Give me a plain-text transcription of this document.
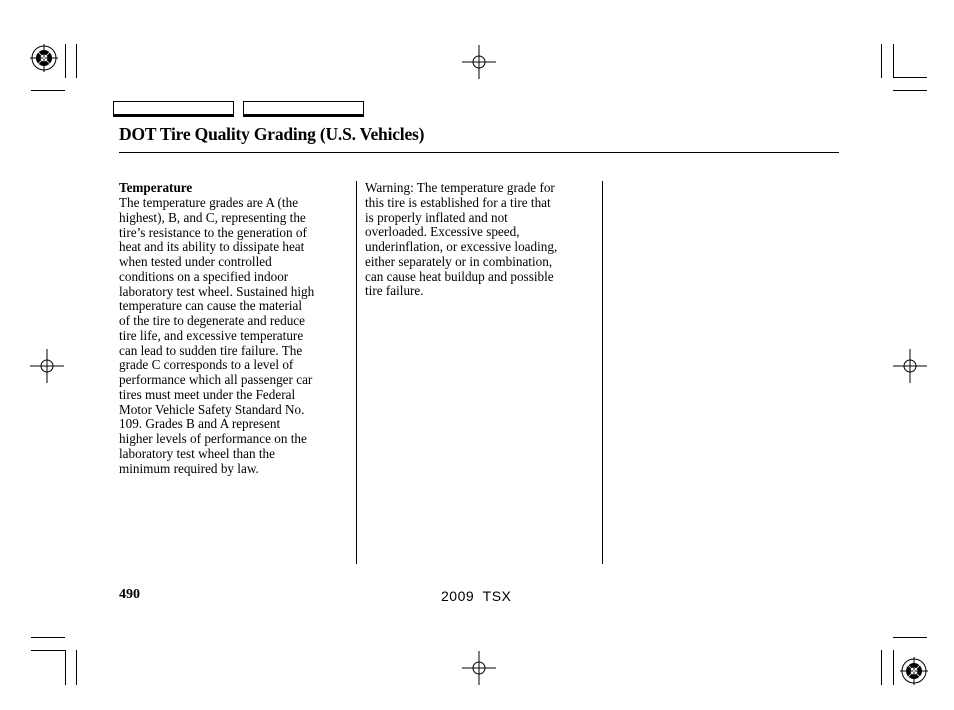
DOT Tire Quality Grading (U.S. Vehicles)
Temperature
The temperature grades are A (the
highest), B, and C, representing the
tire’s resistance to the generation of
heat and its ability to dissipate heat
when tested under controlled
conditions on a specified indoor
laboratory test wheel. Sustained high
temperature can cause the material
of the tire to degenerate and reduce
tire life, and excessive temperature
can lead to sudden tire failure. The
grade C corresponds to a level of
performance which all passenger car
tires must meet under the Federal
Motor Vehicle Safety Standard No.
109. Grades B and A represent
higher levels of performance on the
laboratory test wheel than the
minimum required by law.
Warning: The temperature grade for
this tire is established for a tire that
is properly inflated and not
overloaded. Excessive speed,
underinflation, or excessive loading,
either separately or in combination,
can cause heat buildup and possible
tire failure.
490	2009  TSX
